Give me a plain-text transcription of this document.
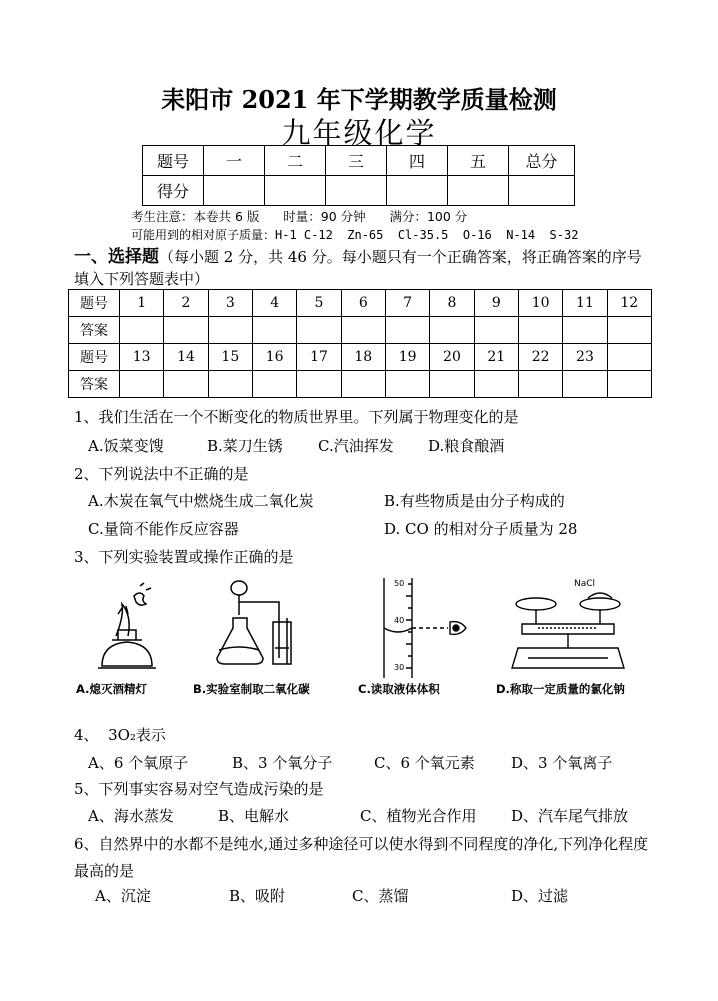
耒阳市 2021 年下学期教学质量检测
九年级化学
题号	一	二	三	四	五	总分
得分						
考生注意：本卷共 6 版      时量：90 分钟      满分：100 分
可能用到的相对原子质量：H-1 C-12  Zn-65  Cl-35.5  O-16  N-14  S-32
一、选择题（每小题 2 分，共 46 分。每小题只有一个正确答案，将正确答案的序号填入下列答题表中）
题号	1	2	3	4	5	6	7	8	9	10	11	12
答案												
题号	13	14	15	16	17	18	19	20	21	22	23	
答案												
1、我们生活在一个不断变化的物质世界里。下列属于物理变化的是
A.饭菜变馊	B.菜刀生锈 C.汽油挥发 D.粮食酿酒
2、下列说法中不正确的是
A.木炭在氧气中燃烧生成二氧化炭	B.有些物质是由分子构成的
C.量筒不能作反应容器	D. CO 的相对分子质量为 28
3、下列实验装置或操作正确的是
A.熄灭酒精灯	B.实验室制取二氧化碳
50
40
30
C.读取液体体积
NaCl
D.称取一定质量的氯化钠
4、  3O₂表示
A、6 个氧原子	B、3 个氧分子	C、6 个氧元素 D、3 个氧离子
5、下列事实容易对空气造成污染的是
A、海水蒸发	B、电解水	C、植物光合作用 D、汽车尾气排放
6、自然界中的水都不是纯水,通过多种途径可以使水得到不同程度的净化,下列净化程度最高的是
A、沉淀	B、吸附	C、蒸馏	D、过滤
